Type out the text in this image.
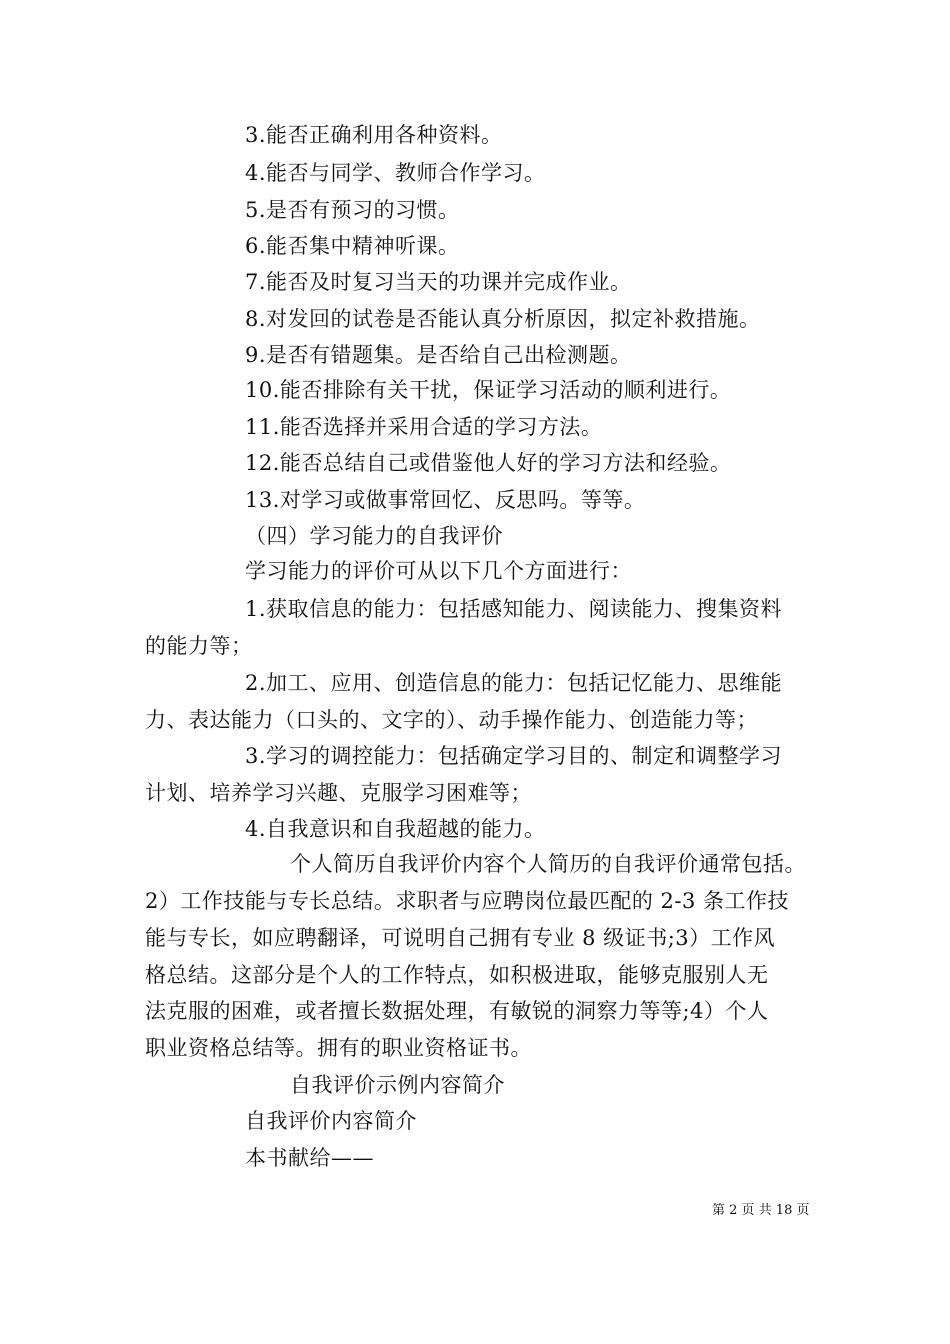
3.能否正确利用各种资料。
4.能否与同学、教师合作学习。
5.是否有预习的习惯。
6.能否集中精神听课。
7.能否及时复习当天的功课并完成作业。
8.对发回的试卷是否能认真分析原因，拟定补救措施。
9.是否有错题集。是否给自己出检测题。
10.能否排除有关干扰，保证学习活动的顺利进行。
11.能否选择并采用合适的学习方法。
12.能否总结自己或借鉴他人好的学习方法和经验。
13.对学习或做事常回忆、反思吗。等等。
（四）学习能力的自我评价
学习能力的评价可从以下几个方面进行：
1.获取信息的能力：包括感知能力、阅读能力、搜集资料
的能力等；
2.加工、应用、创造信息的能力：包括记忆能力、思维能
力、表达能力（口头的、文字的）、动手操作能力、创造能力等；
3.学习的调控能力：包括确定学习目的、制定和调整学习
计划、培养学习兴趣、克服学习困难等；
4.自我意识和自我超越的能力。
个人简历自我评价内容个人简历的自我评价通常包括。
2）工作技能与专长总结。求职者与应聘岗位最匹配的 2-3 条工作技
能与专长，如应聘翻译，可说明自己拥有专业 8 级证书;3）工作风
格总结。这部分是个人的工作特点，如积极进取，能够克服别人无
法克服的困难，或者擅长数据处理，有敏锐的洞察力等等;4）个人
职业资格总结等。拥有的职业资格证书。
自我评价示例内容简介
自我评价内容简介
本书献给——
第 2 页 共 18 页
